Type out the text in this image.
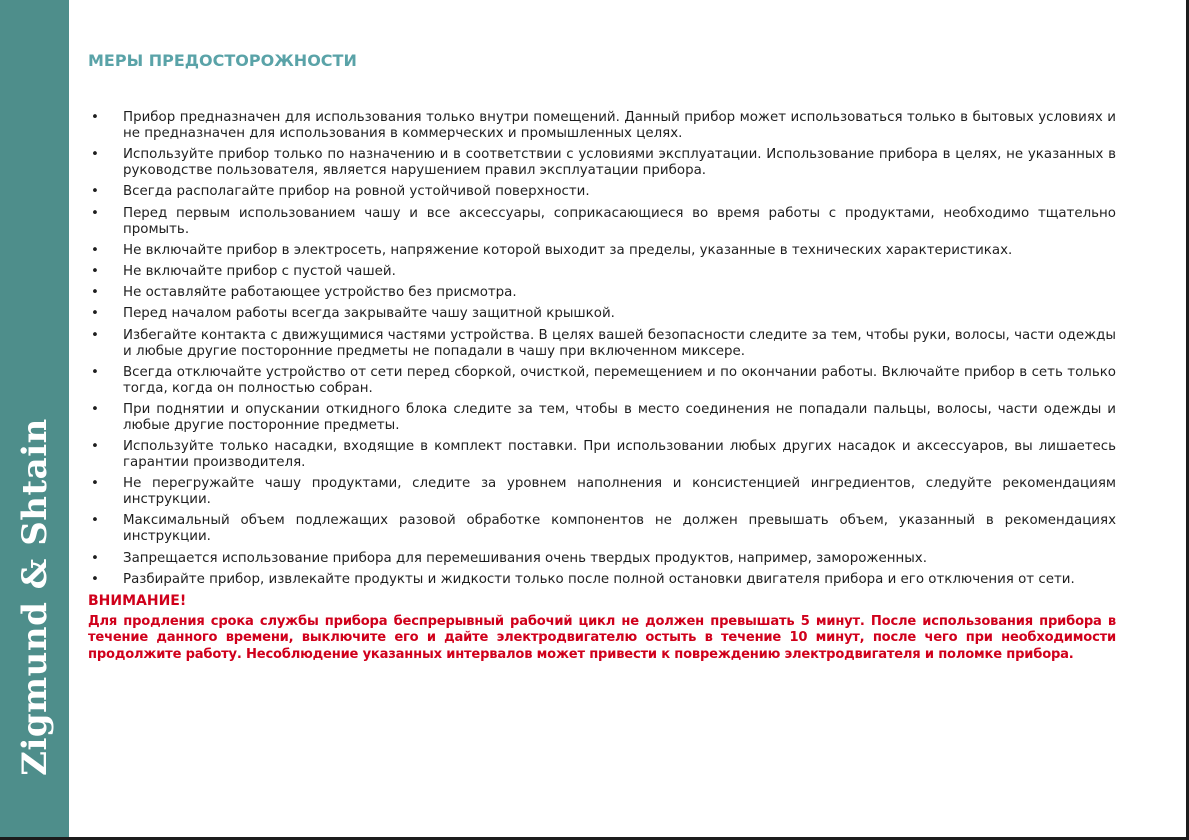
Zigmund & Shtain
МЕРЫ ПРЕДОСТОРОЖНОСТИ
• Прибор предназначен для использования только внутри помещений. Данный прибор может использоваться только в бытовых условиях и не предназначен для использования в коммерческих и промышленных целях.
• Используйте прибор только по назначению и в соответствии с условиями эксплуатации. Использование прибора в целях, не указанных в руководстве пользователя, является нарушением правил эксплуатации прибора.
• Всегда располагайте прибор на ровной устойчивой поверхности.
• Перед первым использованием чашу и все аксессуары, соприкасающиеся во время работы с продуктами, необходимо тщательно промыть.
• Не включайте прибор в электросеть, напряжение которой выходит за пределы, указанные в технических характеристиках.
• Не включайте прибор с пустой чашей.
• Не оставляйте работающее устройство без присмотра.
• Перед началом работы всегда закрывайте чашу защитной крышкой.
• Избегайте контакта с движущимися частями устройства. В целях вашей безопасности следите за тем, чтобы руки, волосы, части одежды и любые другие посторонние предметы не попадали в чашу при включенном миксере.
• Всегда отключайте устройство от сети перед сборкой, очисткой, перемещением и по окончании работы. Включайте прибор в сеть только тогда, когда он полностью собран.
• При поднятии и опускании откидного блока следите за тем, чтобы в место соединения не попадали пальцы, волосы, части одежды и любые другие посторонние предметы.
• Используйте только насадки, входящие в комплект поставки. При использовании любых других насадок и аксессуаров, вы лишаетесь гарантии производителя.
• Не перегружайте чашу продуктами, следите за уровнем наполнения и консистенцией ингредиентов, следуйте рекомендациям инструкции.
• Максимальный объем подлежащих разовой обработке компонентов не должен превышать объем, указанный в рекомендациях инструкции.
• Запрещается использование прибора для перемешивания очень твердых продуктов, например, замороженных.
• Разбирайте прибор, извлекайте продукты и жидкости только после полной остановки двигателя прибора и его отключения от сети.
ВНИМАНИЕ!
Для продления срока службы прибора беспрерывный рабочий цикл не должен превышать 5 минут. После использования прибора в течение данного времени, выключите его и дайте электродвигателю остыть в течение 10 минут, после чего при необходимости продолжите работу. Несоблюдение указанных интервалов может привести к повреждению электродвигателя и поломке прибора.
